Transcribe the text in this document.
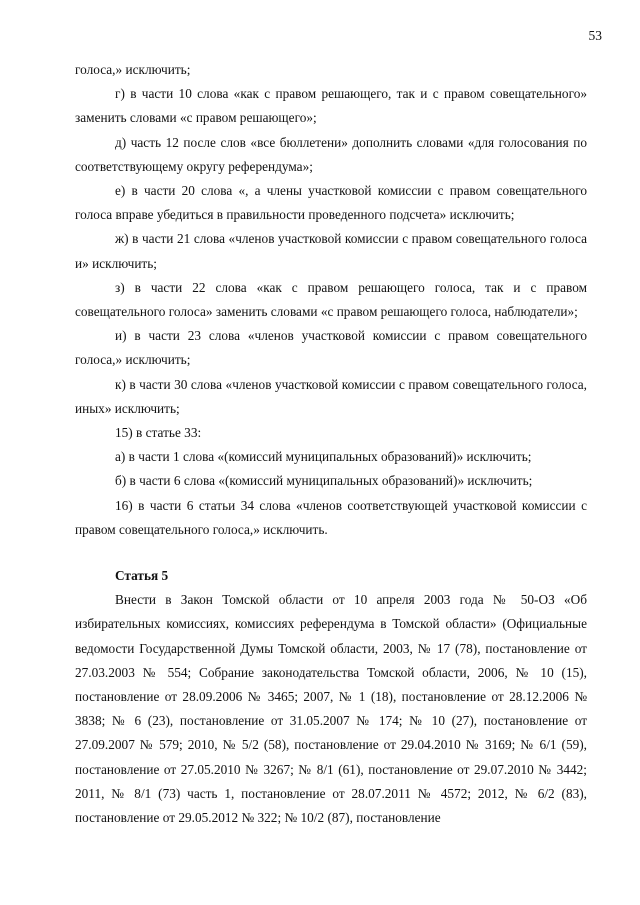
53

голоса,» исключить;

г) в части 10 слова «как с правом решающего, так и с правом совещательного» заменить словами «с правом решающего»;

д) часть 12 после слов «все бюллетени» дополнить словами «для голосования по соответствующему округу референдума»;

е) в части 20 слова «, а члены участковой комиссии с правом совещательного голоса вправе убедиться в правильности проведенного подсчета» исключить;

ж) в части 21 слова «членов участковой комиссии с правом совещательного голоса и» исключить;

з) в части 22 слова «как с правом решающего голоса, так и с правом совещательного голоса» заменить словами «с правом решающего голоса, наблюдатели»;

и) в части 23 слова «членов участковой комиссии с правом совещательного голоса,» исключить;

к) в части 30 слова «членов участковой комиссии с правом совещательного голоса, иных» исключить;

15) в статье 33:

а) в части 1 слова «(комиссий муниципальных образований)» исключить;

б) в части 6 слова «(комиссий муниципальных образований)» исключить;

16) в части 6 статьи 34 слова «членов соответствующей участковой комиссии с правом совещательного голоса,» исключить.

Статья 5

Внести в Закон Томской области от 10 апреля 2003 года № 50-ОЗ «Об избирательных комиссиях, комиссиях референдума в Томской области» (Официальные ведомости Государственной Думы Томской области, 2003, № 17 (78), постановление от 27.03.2003 № 554; Собрание законодательства Томской области, 2006, № 10 (15), постановление от 28.09.2006 № 3465; 2007, № 1 (18), постановление от 28.12.2006 № 3838; № 6 (23), постановление от 31.05.2007 № 174; № 10 (27), постановление от 27.09.2007 № 579; 2010, № 5/2 (58), постановление от 29.04.2010 № 3169; № 6/1 (59), постановление от 27.05.2010 № 3267; № 8/1 (61), постановление от 29.07.2010 № 3442; 2011, № 8/1 (73) часть 1, постановление от 28.07.2011 № 4572; 2012, № 6/2 (83), постановление от 29.05.2012 № 322; № 10/2 (87), постановление
